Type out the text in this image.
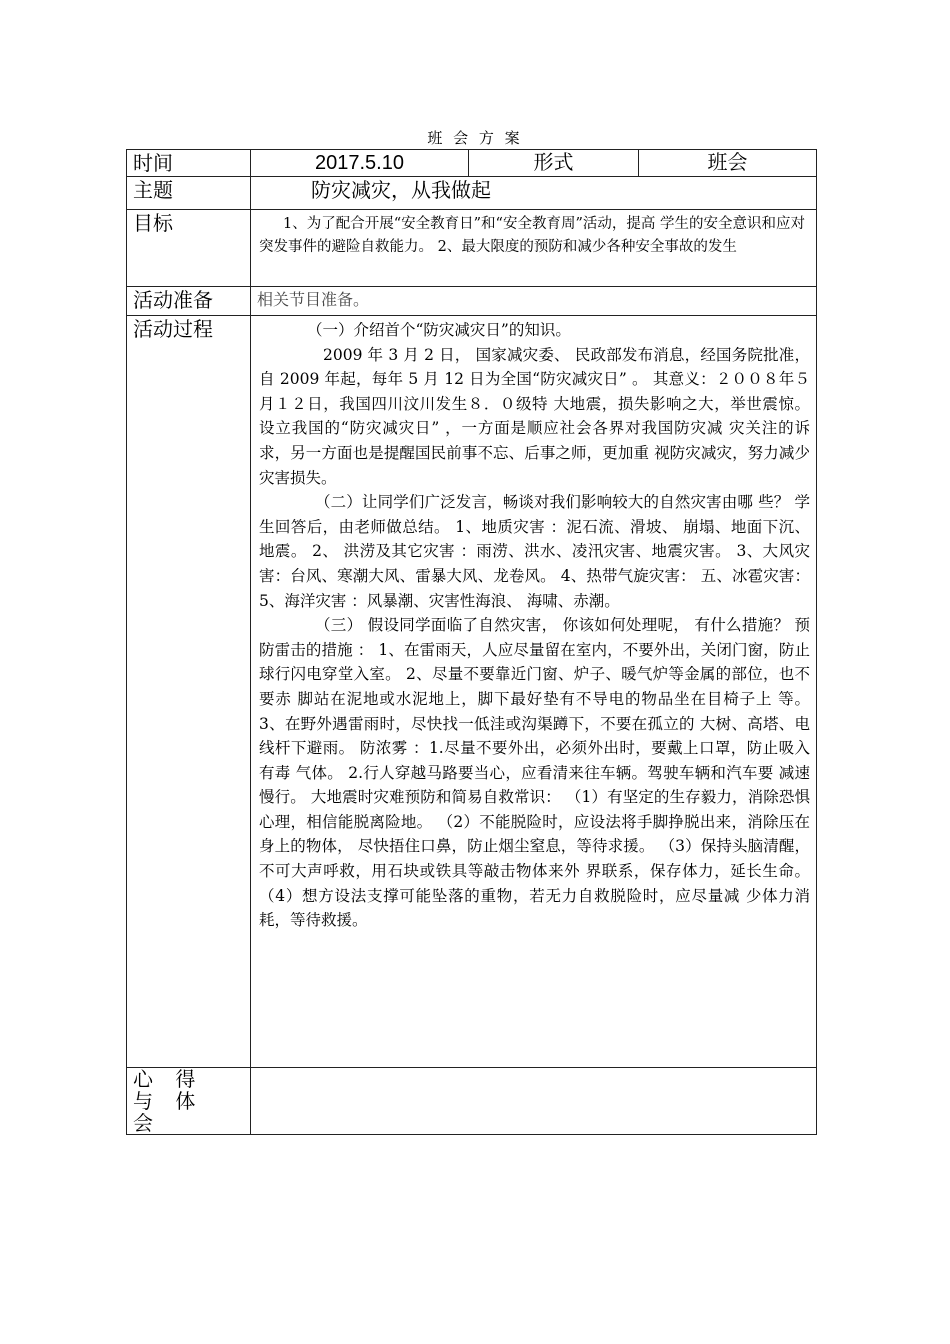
班 会 方 案
时间	2017.5.10	形式	班会
主题	防灾减灾，从我做起		
目标	1、为了配合开展“安全教育日”和“安全教育周”活动，提高 学生的安全意识和应对突发事件的避险自救能力。 2、最大限度的预防和减少各种安全事故的发生		
活动准备	相关节目准备。		
活动过程	（一）介绍首个“防灾减灾日”的知识。

2009 年 3 月 2 日， 国家减灾委、 民政部发布消息，经国务院批准， 自 2009 年起，每年 5 月 12 日为全国“防灾减灾日” 。 其意义：２００８年５月１２日，我国四川汶川发生８．０级特 大地震，损失影响之大，举世震惊。 设立我国的“防灾减灾日” ，一方面是顺应社会各界对我国防灾减 灾关注的诉求，另一方面也是提醒国民前事不忘、后事之师，更加重 视防灾减灾，努力减少灾害损失。

（二）让同学们广泛发言，畅谈对我们影响较大的自然灾害由哪 些？ 学生回答后，由老师做总结。 1、地质灾害 ：泥石流、滑坡、 崩塌、地面下沉、地震。 2、 洪涝及其它灾害 ：雨涝、洪水、凌汛灾害、地震灾害。 3、大风灾害：台风、寒潮大风、雷暴大风、龙卷风。 4、热带气旋灾害： 五、冰雹灾害：5、海洋灾害 ：风暴潮、灾害性海浪、 海啸、赤潮。

（三） 假设同学面临了自然灾害， 你该如何处理呢， 有什么措施？ 预防雷击的措施 ： 1、在雷雨天，人应尽量留在室内，不要外出，关闭门窗，防止 球行闪电穿堂入室。 2、尽量不要靠近门窗、炉子、暖气炉等金属的部位，也不要赤 脚站在泥地或水泥地上，脚下最好垫有不导电的物品坐在目椅子上 等。 3、在野外遇雷雨时，尽快找一低洼或沟渠蹲下，不要在孤立的 大树、高塔、电线杆下避雨。 防浓雾 ：1.尽量不要外出，必须外出时，要戴上口罩，防止吸入有毒 气体。 2.行人穿越马路要当心，应看清来往车辆。驾驶车辆和汽车要 减速慢行。 大地震时灾难预防和简易自救常识： （1）有坚定的生存毅力，消除恐惧心理，相信能脱离险地。 （2）不能脱险时，应设法将手脚挣脱出来，消除压在身上的物体， 尽快捂住口鼻，防止烟尘窒息，等待求援。 （3）保持头脑清醒，不可大声呼救，用石块或铁具等敲击物体来外 界联系，保存体力，延长生命。 （4）想方设法支撑可能坠落的重物，若无力自救脱险时，应尽量减 少体力消耗，等待救援。		

心 得 与 体 会			
